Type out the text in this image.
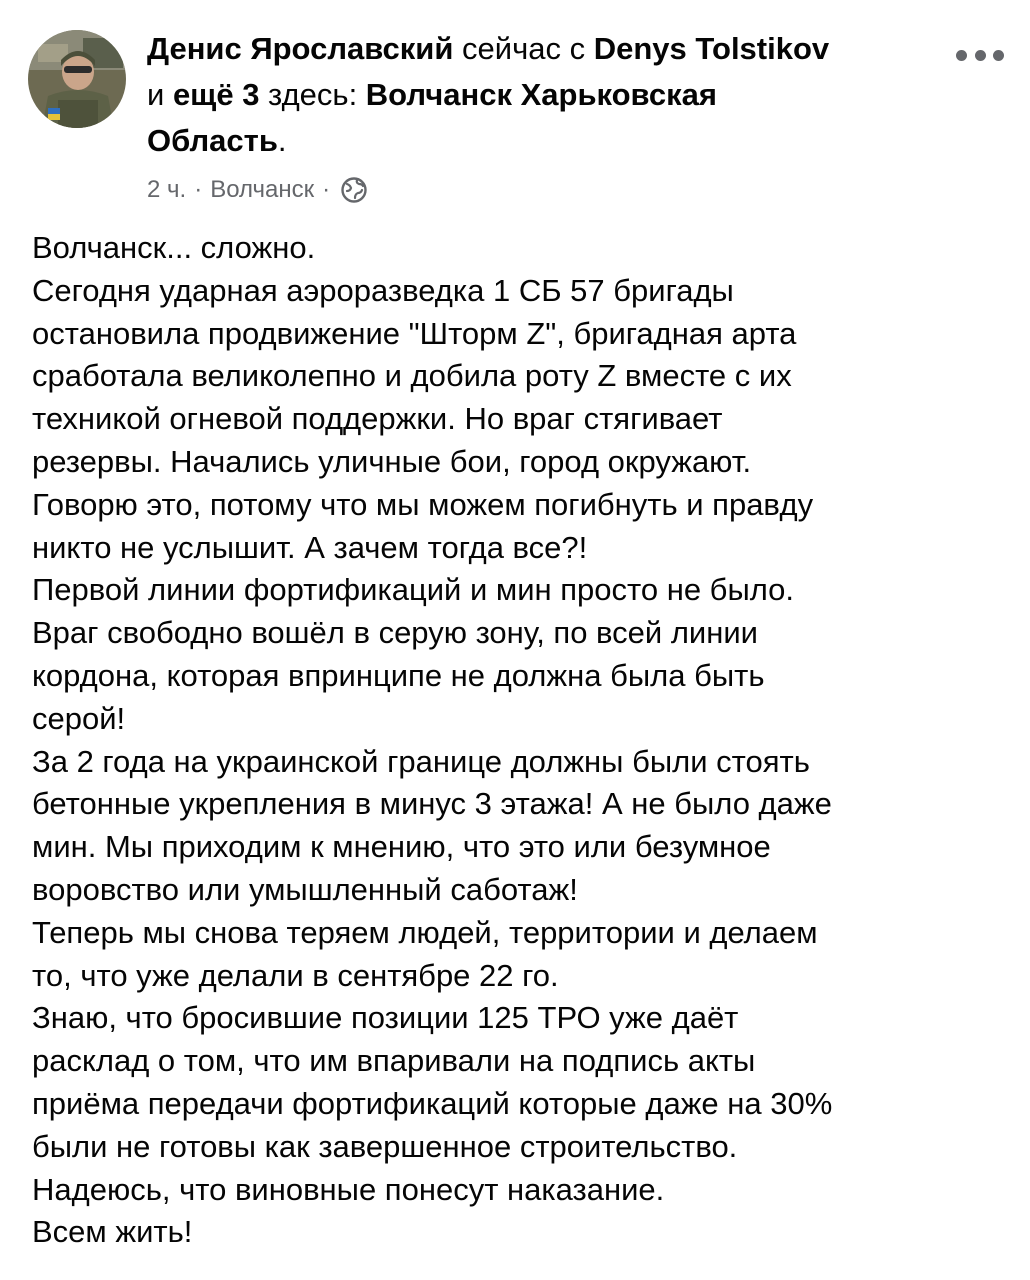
Денис Ярославский сейчас с Denys Tolstikov и ещё 3 здесь: Волчанск Харьковская Область.
2 ч. · Волчанск ·
Волчанск... сложно.
Сегодня ударная аэроразведка 1 СБ 57 бригады
остановила продвижение "Шторм Z", бригадная арта
сработала великолепно и добила роту Z вместе с их
техникой огневой поддержки. Но враг стягивает
резервы. Начались уличные бои, город окружают.
Говорю это, потому что мы можем погибнуть и правду
никто не услышит. А зачем тогда все?!
Первой линии фортификаций и мин просто не было.
Враг свободно вошёл в серую зону, по всей линии
кордона, которая впринципе не должна была быть
серой!
За 2 года на украинской границе должны были стоять
бетонные укрепления в минус 3 этажа! А не было даже
мин. Мы приходим к мнению, что это или безумное
воровство или умышленный саботаж!
Теперь мы снова теряем людей, территории и делаем
то, что уже делали в сентябре 22 го.
Знаю, что бросившие позиции 125 ТРО уже даёт
расклад о том, что им впаривали на подпись акты
приёма передачи фортификаций которые даже на 30%
были не готовы как завершенное строительство.
Надеюсь, что виновные понесут наказание.
Всем жить!
